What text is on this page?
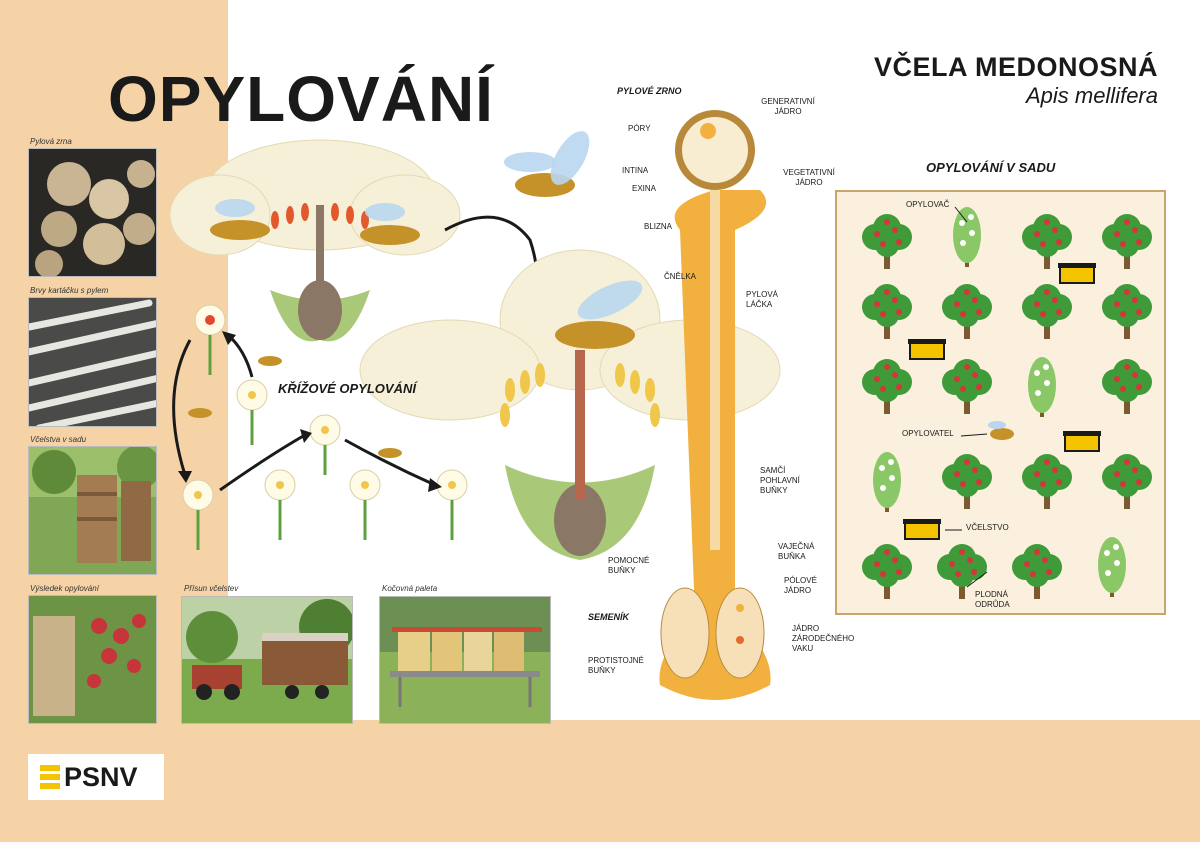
OPYLOVÁNÍ	VČELA MEDONOSNÁ
Apis mellifera
Pylová zrna
Brvy kartáčku s pylem
Včelstva v sadu
Výsledek opylování	Přísun včelstev	Kočovná paleta
KŘÍŽOVÉ OPYLOVÁNÍ
PYLOVÉ ZRNO
PÓRY
GENERATIVNÍ JÁDRO
INTINA
EXINA
VEGETATIVNÍ JÁDRO
BLIZNA
ČNĚLKA
PYLOVÁ LÁČKA
SAMČÍ POHLAVNÍ BUŇKY
VAJEČNÁ BUŇKA
POMOCNÉ BUŇKY
PÓLOVÉ JÁDRO
SEMENÍK
JÁDRO ZÁRODEČNÉHO VAKU
PROTISTOJNÉ BUŇKY
OPYLOVÁNÍ V SADU
OPYLOVAČ
OPYLOVATEL
VČELSTVO
PLODNÁ ODRŮDA
PSNV
